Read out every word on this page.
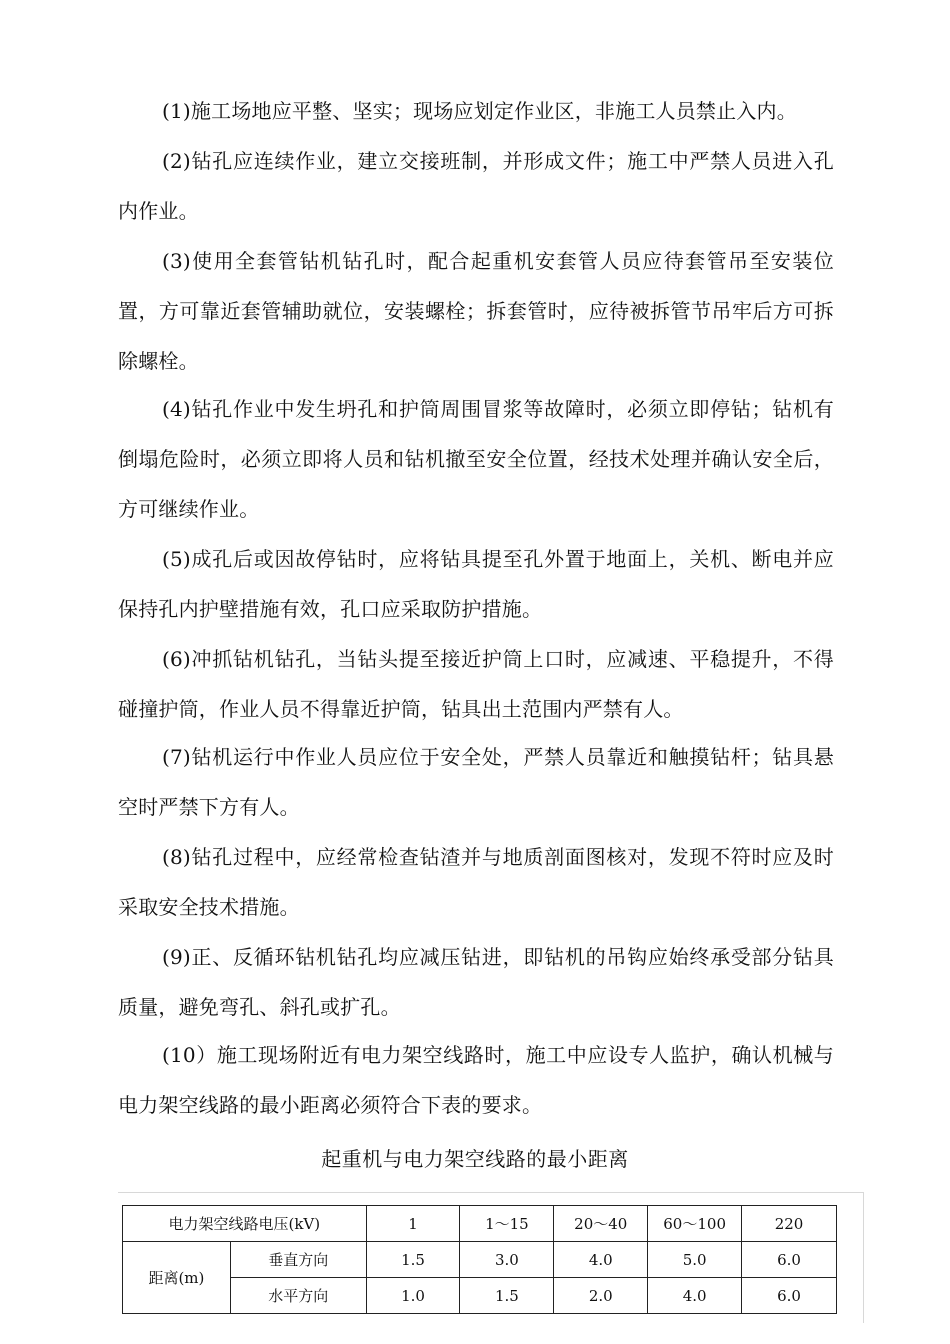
(1)施工场地应平整、坚实；现场应划定作业区，非施工人员禁止入内。

(2)钻孔应连续作业，建立交接班制，并形成文件；施工中严禁人员进入孔内作业。

(3)使用全套管钻机钻孔时，配合起重机安套管人员应待套管吊至安装位置，方可靠近套管辅助就位，安装螺栓；拆套管时，应待被拆管节吊牢后方可拆除螺栓。

(4)钻孔作业中发生坍孔和护筒周围冒浆等故障时，必须立即停钻；钻机有倒塌危险时，必须立即将人员和钻机撤至安全位置，经技术处理并确认安全后，方可继续作业。

(5)成孔后或因故停钻时，应将钻具提至孔外置于地面上，关机、断电并应保持孔内护壁措施有效，孔口应采取防护措施。

(6)冲抓钻机钻孔，当钻头提至接近护筒上口时，应减速、平稳提升，不得碰撞护筒，作业人员不得靠近护筒，钻具出土范围内严禁有人。

(7)钻机运行中作业人员应位于安全处，严禁人员靠近和触摸钻杆；钻具悬空时严禁下方有人。

(8)钻孔过程中，应经常检查钻渣并与地质剖面图核对，发现不符时应及时采取安全技术措施。

(9)正、反循环钻机钻孔均应减压钻进，即钻机的吊钩应始终承受部分钻具质量，避免弯孔、斜孔或扩孔。

(10）施工现场附近有电力架空线路时，施工中应设专人监护，确认机械与电力架空线路的最小距离必须符合下表的要求。

起重机与电力架空线路的最小距离
电力架空线路电压(kV)		1	1～15	20～40	60～100	220
距离(m)	垂直方向	1.5	3.0	4.0	5.0	6.0
	水平方向	1.0	1.5	2.0	4.0	6.0
